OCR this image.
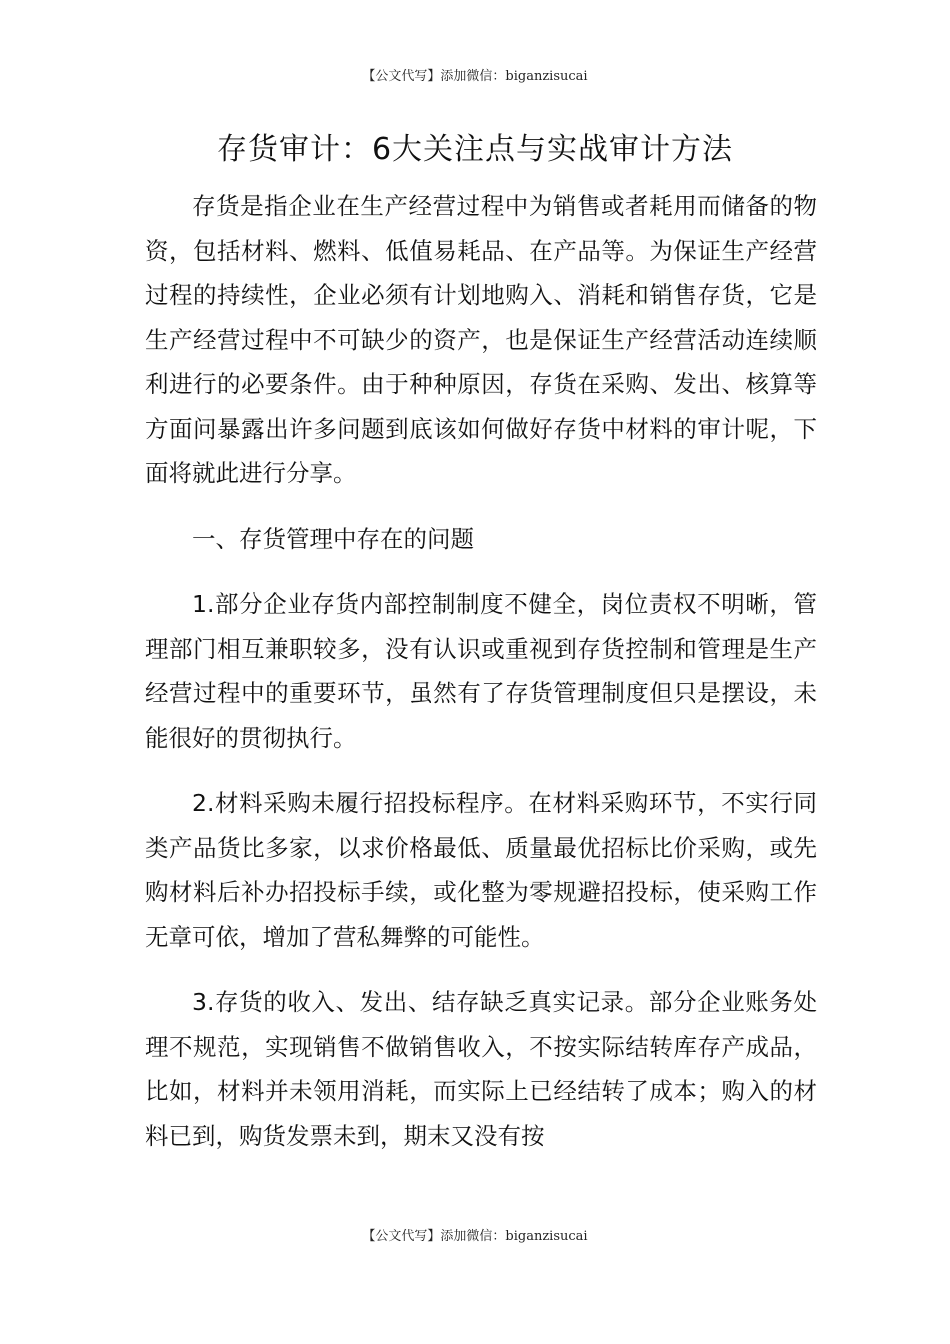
【公文代写】添加微信：biganzisucai
存货审计：6大关注点与实战审计方法

存货是指企业在生产经营过程中为销售或者耗用而储备的物资，包括材料、燃料、低值易耗品、在产品等。为保证生产经营过程的持续性，企业必须有计划地购入、消耗和销售存货，它是生产经营过程中不可缺少的资产，也是保证生产经营活动连续顺利进行的必要条件。由于种种原因，存货在采购、发出、核算等方面问暴露出许多问题到底该如何做好存货中材料的审计呢，下面将就此进行分享。

一、存货管理中存在的问题

1.部分企业存货内部控制制度不健全，岗位责权不明晰，管理部门相互兼职较多，没有认识或重视到存货控制和管理是生产经营过程中的重要环节，虽然有了存货管理制度但只是摆设，未能很好的贯彻执行。

2.材料采购未履行招投标程序。在材料采购环节，不实行同类产品货比多家，以求价格最低、质量最优招标比价采购，或先购材料后补办招投标手续，或化整为零规避招投标，使采购工作无章可依，增加了营私舞弊的可能性。

3.存货的收入、发出、结存缺乏真实记录。部分企业账务处理不规范，实现销售不做销售收入，不按实际结转库存产成品，比如，材料并未领用消耗，而实际上已经结转了成本；购入的材料已到，购货发票未到，期末又没有按

【公文代写】添加微信：biganzisucai
